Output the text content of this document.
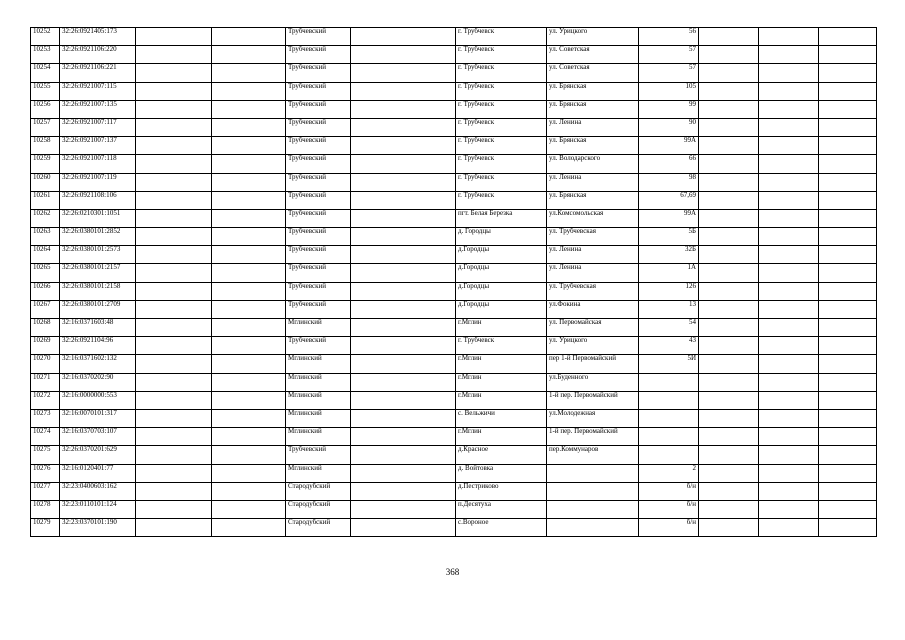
10252	32:26:0921405:173			Трубчевский		г. Трубчевск	ул. Урицкого	56			
10253	32:26:0921106:220			Трубчевский		г. Трубчевск	ул. Советская	57			
10254	32:26:0921106:221			Трубчевский		г. Трубчевск	ул. Советская	57			
10255	32:26:0921007:115			Трубчевский		г. Трубчевск	ул. Брянская	105			
10256	32:26:0921007:135			Трубчевский		г. Трубчевск	ул. Брянская	99			
10257	32:26:0921007:117			Трубчевский		г. Трубчевск	ул. Ленина	90			
10258	32:26:0921007:137			Трубчевский		г. Трубчевск	ул. Брянская	99А			
10259	32:26:0921007:118			Трубчевский		г. Трубчевск	ул. Володарского	66			
10260	32:26:0921007:119			Трубчевский		г. Трубчевск	ул. Ленина	98			
10261	32:26:0921108:106			Трубчевский		г. Трубчевск	ул. Брянская	67,69			
10262	32:26:0210301:1051			Трубчевский		пгт. Белая Березка	ул.Комсомольская	99А			
10263	32:26:0380101:2852			Трубчевский		д. Городцы	ул. Трубчевская	5Б			
10264	32:26:0380101:2573			Трубчевский		д.Городцы	ул. Ленина	32Б			
10265	32:26:0380101:2157			Трубчевский		д.Городцы	ул. Ленина	1А			
10266	32:26:0380101:2158			Трубчевский		д.Городцы	ул. Трубчевская	126			
10267	32:26:0380101:2709			Трубчевский		д.Городцы	ул.Фокина	13			
10268	32:16:0371603:48			Мглинский		г.Мглин	ул. Первомайская	54			
10269	32:26:0921104:96			Трубчевский		г. Трубчевск	ул. Урицкого	43			
10270	32:16:0371602:132			Мглинский		г.Мглин	пер 1-й Первомайский	5И			
10271	32:16:0370202:90			Мглинский		г.Мглин	ул.Буденного				
10272	32:16:0000000:553			Мглинский		г.Мглин	1-й пер. Первомайский				
10273	32:16:0070101:317			Мглинский		с. Вельжичи	ул.Молодежная				
10274	32:16:0370703:107			Мглинский		г.Мглин	1-й пер. Первомайский				
10275	32:26:0370201:629			Трубчевский		д.Красное	пер.Коммунаров				
10276	32:16:0120401:77			Мглинский		д. Войтовка		2			
10277	32:23:0400603:162			Стародубский		д.Пестриково		б/н			
10278	32:23:0110101:124			Стародубский		п.Десятуха		б/н			
10279	32:23:0370101:190			Стародубский		с.Вороное		б/н			
368
